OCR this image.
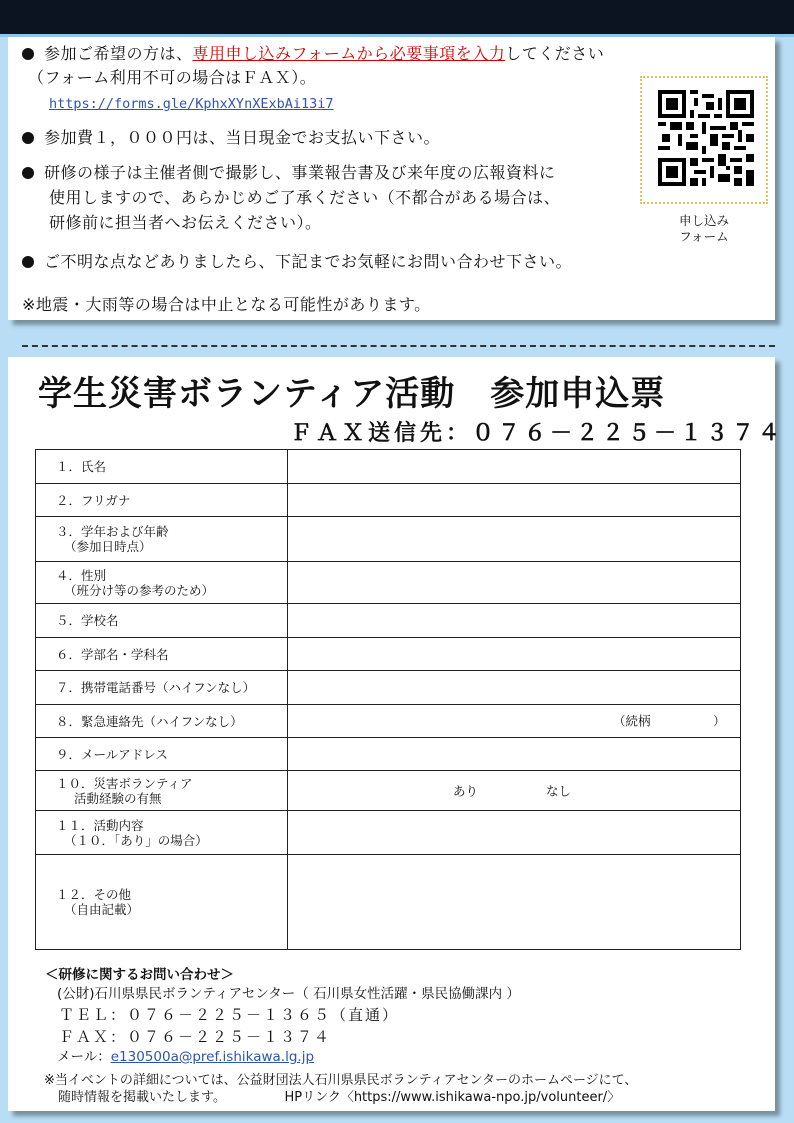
参加ご希望の方は、専用申し込みフォームから必要事項を入力してください
（フォーム利用不可の場合はＦＡＸ）。
https://forms.gle/KphxXYnXExbAi13i7
参加費１，０００円は、当日現金でお支払い下さい。
研修の様子は主催者側で撮影し、事業報告書及び来年度の広報資料に
使用しますので、あらかじめご了承ください（不都合がある場合は、
研修前に担当者へお伝えください）。
ご不明な点などありましたら、下記までお気軽にお問い合わせ下さい。
※地震・大雨等の場合は中止となる可能性があります。
申し込み
フォーム
学生災害ボランティア活動　参加申込票
ＦＡＸ送信先：０７６－２２５－１３７４
１．氏名	
２．フリガナ	
３．学年および年齢
（参加日時点）	

４．性別
（班分け等の参考のため）	

５．学校名	
６．学部名・学科名	
７．携帯電話番号（ハイフンなし）	
８．緊急連絡先（ハイフンなし）	（続柄　　　　　）

９．メールアドレス	
１０．災害ボランティア
活動経験の有無	あり なし

１１．活動内容
（１０．「あり」の場合）	

１２．その他
（自由記載）	

＜研修に関するお問い合わせ＞
(公財)石川県県民ボランティアセンター（ 石川県女性活躍・県民協働課内 ）
ＴＥＬ：０７６－２２５－１３６５（直通）
ＦＡＸ：０７６－２２５－１３７４
メール：e130500a@pref.ishikawa.lg.jp
※当イベントの詳細については、公益財団法人石川県県民ボランティアセンターのホームページにて、
随時情報を掲載いたします。　　　　　HPリンク〈https://www.ishikawa-npo.jp/volunteer/〉
